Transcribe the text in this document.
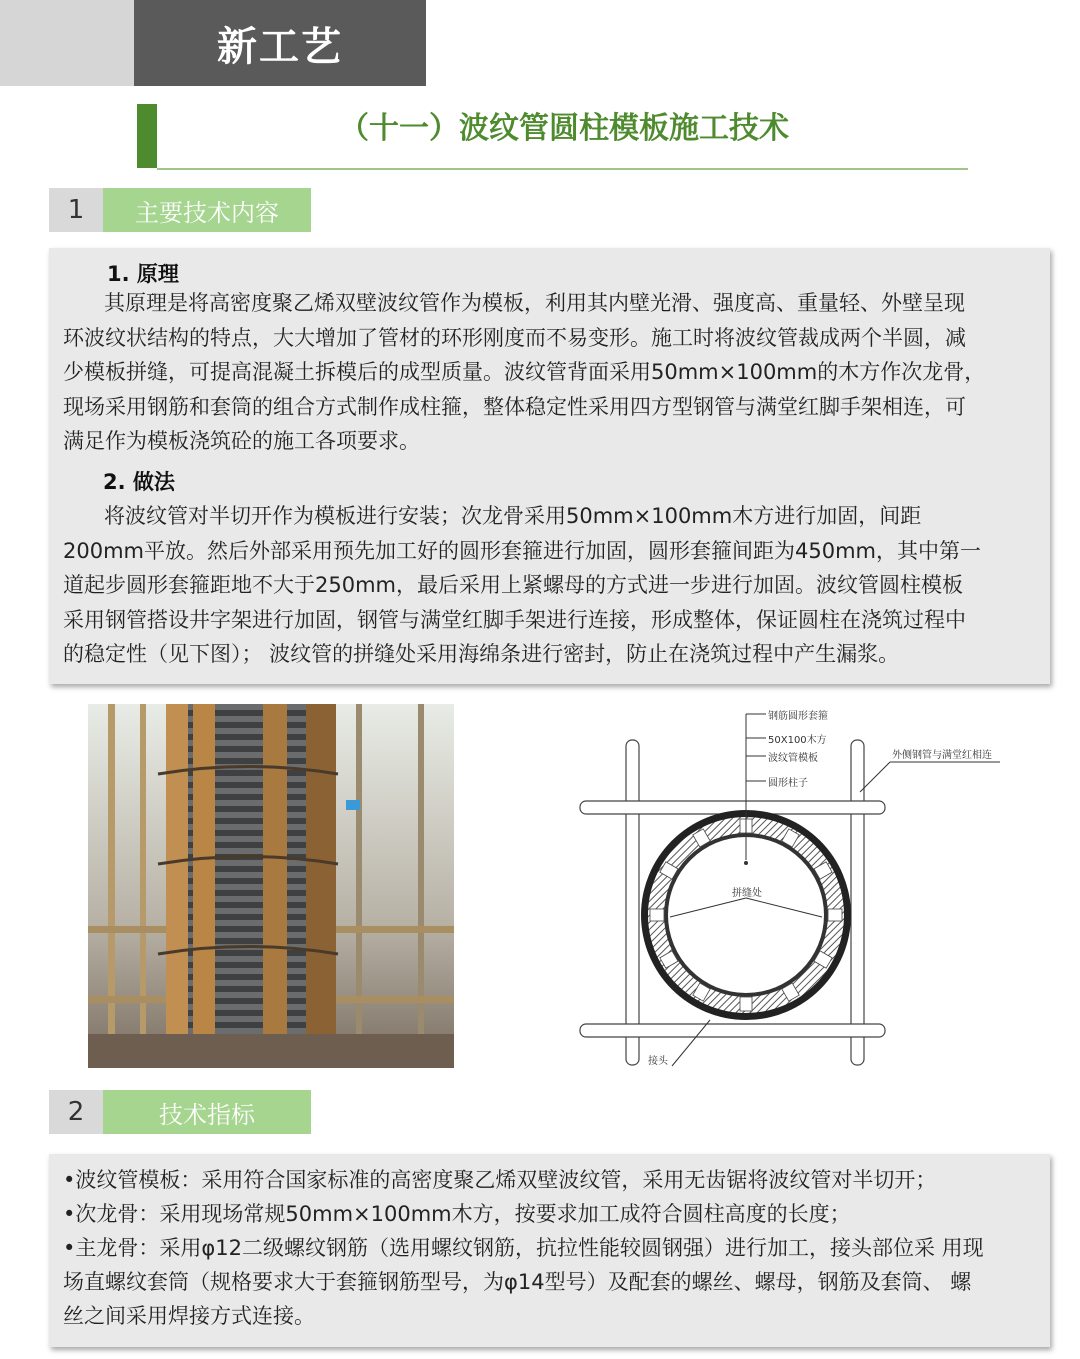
新工艺
（十一）波纹管圆柱模板施工技术
1	主要技术内容
1. 原理
其原理是将高密度聚乙烯双壁波纹管作为模板，利用其内壁光滑、强度高、重量轻、外壁呈现
环波纹状结构的特点，大大增加了管材的环形刚度而不易变形。施工时将波纹管裁成两个半圆，减
少模板拼缝，可提高混凝土拆模后的成型质量。波纹管背面采用50mm×100mm的木方作次龙骨，
现场采用钢筋和套筒的组合方式制作成柱箍，整体稳定性采用四方型钢管与满堂红脚手架相连，可
满足作为模板浇筑砼的施工各项要求。
2. 做法
将波纹管对半切开作为模板进行安装；次龙骨采用50mm×100mm木方进行加固，间距
200mm平放。然后外部采用预先加工好的圆形套箍进行加固，圆形套箍间距为450mm，其中第一
道起步圆形套箍距地不大于250mm，最后采用上紧螺母的方式进一步进行加固。波纹管圆柱模板
采用钢管搭设井字架进行加固，钢管与满堂红脚手架进行连接，形成整体，保证圆柱在浇筑过程中
的稳定性（见下图）； 波纹管的拼缝处采用海绵条进行密封，防止在浇筑过程中产生漏浆。
钢筋圆形套箍
50X100木方
波纹管模板
圆形柱子
外侧钢管与满堂红相连
拼缝处
接头
2	技术指标
•波纹管模板：采用符合国家标准的高密度聚乙烯双壁波纹管，采用无齿锯将波纹管对半切开；
•次龙骨：采用现场常规50mm×100mm木方，按要求加工成符合圆柱高度的长度；
•主龙骨：采用φ12二级螺纹钢筋（选用螺纹钢筋，抗拉性能较圆钢强）进行加工，接头部位采 用现
场直螺纹套筒（规格要求大于套箍钢筋型号，为φ14型号）及配套的螺丝、螺母，钢筋及套筒、 螺
丝之间采用焊接方式连接。
